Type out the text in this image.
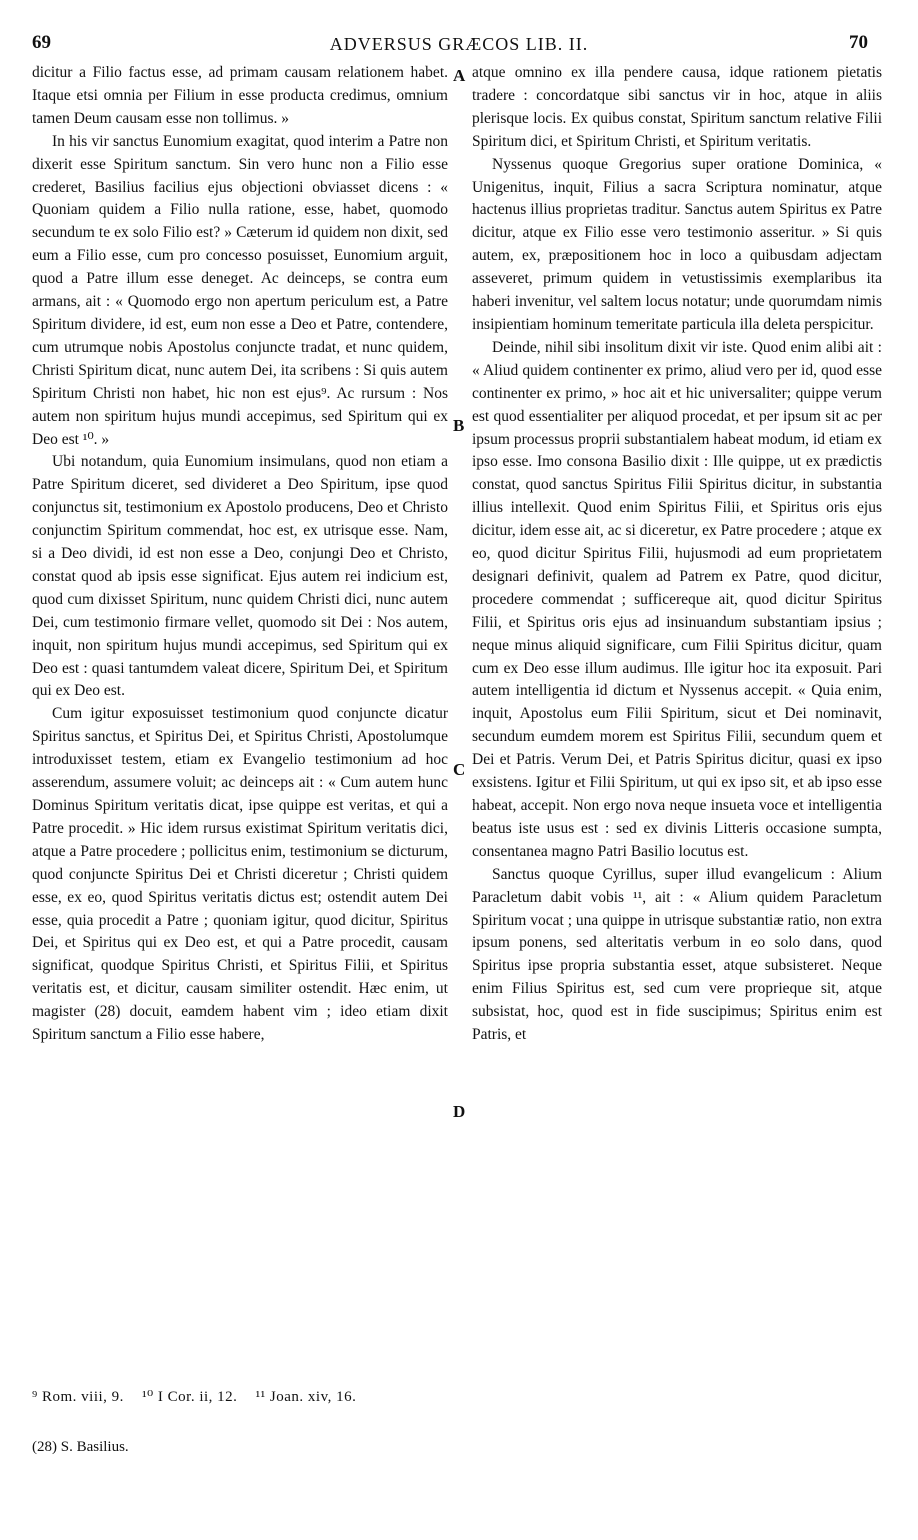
69	ADVERSUS GRÆCOS LIB. II.	70

dicitur a Filio factus esse, ad primam causam relationem habet. Itaque etsi omnia per Filium in esse producta credimus, omnium tamen Deum causam esse non tollimus. »

In his vir sanctus Eunomium exagitat, quod interim a Patre non dixerit esse Spiritum sanctum. Sin vero hunc non a Filio esse crederet, Basilius facilius ejus objectioni obviasset dicens : « Quoniam quidem a Filio nulla ratione, esse, habet, quomodo secundum te ex solo Filio est? » Cæterum id quidem non dixit, sed eum a Filio esse, cum pro concesso posuisset, Eunomium arguit, quod a Patre illum esse deneget. Ac deinceps, se contra eum armans, ait : « Quomodo ergo non apertum periculum est, a Patre Spiritum dividere, id est, eum non esse a Deo et Patre, contendere, cum utrumque nobis Apostolus conjuncte tradat, et nunc quidem, Christi Spiritum dicat, nunc autem Dei, ita scribens : Si quis autem Spiritum Christi non habet, hic non est ejus⁹. Ac rursum : Nos autem non spiritum hujus mundi accepimus, sed Spiritum qui ex Deo est ¹⁰. »

Ubi notandum, quia Eunomium insimulans, quod non etiam a Patre Spiritum diceret, sed divideret a Deo Spiritum, ipse quod conjunctus sit, testimonium ex Apostolo producens, Deo et Christo conjunctim Spiritum commendat, hoc est, ex utrisque esse. Nam, si a Deo dividi, id est non esse a Deo, conjungi Deo et Christo, constat quod ab ipsis esse significat. Ejus autem rei indicium est, quod cum dixisset Spiritum, nunc quidem Christi dici, nunc autem Dei, cum testimonio firmare vellet, quomodo sit Dei : Nos autem, inquit, non spiritum hujus mundi accepimus, sed Spiritum qui ex Deo est : quasi tantumdem valeat dicere, Spiritum Dei, et Spiritum qui ex Deo est.

Cum igitur exposuisset testimonium quod conjuncte dicatur Spiritus sanctus, et Spiritus Dei, et Spiritus Christi, Apostolumque introduxisset testem, etiam ex Evangelio testimonium ad hoc asserendum, assumere voluit; ac deinceps ait : « Cum autem hunc Dominus Spiritum veritatis dicat, ipse quippe est veritas, et qui a Patre procedit. » Hic idem rursus existimat Spiritum veritatis dici, atque a Patre procedere ; pollicitus enim, testimonium se dicturum, quod conjuncte Spiritus Dei et Christi diceretur ; Christi quidem esse, ex eo, quod Spiritus veritatis dictus est; ostendit autem Dei esse, quia procedit a Patre ; quoniam igitur, quod dicitur, Spiritus Dei, et Spiritus qui ex Deo est, et qui a Patre procedit, causam significat, quodque Spiritus Christi, et Spiritus Filii, et Spiritus veritatis est, et dicitur, causam similiter ostendit. Hæc enim, ut magister (28) docuit, eamdem habent vim ; ideo etiam dixit Spiritum sanctum a Filio esse habere,

A
B
C
D

atque omnino ex illa pendere causa, idque rationem pietatis tradere : concordatque sibi sanctus vir in hoc, atque in aliis plerisque locis. Ex quibus constat, Spiritum sanctum relative Filii Spiritum dici, et Spiritum Christi, et Spiritum veritatis.

Nyssenus quoque Gregorius super oratione Dominica, « Unigenitus, inquit, Filius a sacra Scriptura nominatur, atque hactenus illius proprietas traditur. Sanctus autem Spiritus ex Patre dicitur, atque ex Filio esse vero testimonio asseritur. » Si quis autem, ex, præpositionem hoc in loco a quibusdam adjectam asseveret, primum quidem in vetustissimis exemplaribus ita haberi invenitur, vel saltem locus notatur; unde quorumdam nimis insipientiam hominum temeritate particula illa deleta perspicitur.

Deinde, nihil sibi insolitum dixit vir iste. Quod enim alibi ait : « Aliud quidem continenter ex primo, aliud vero per id, quod esse continenter ex primo, » hoc ait et hic universaliter; quippe verum est quod essentialiter per aliquod procedat, et per ipsum sit ac per ipsum processus proprii substantialem habeat modum, id etiam ex ipso esse. Imo consona Basilio dixit : Ille quippe, ut ex prædictis constat, quod sanctus Spiritus Filii Spiritus dicitur, in substantia illius intellexit. Quod enim Spiritus Filii, et Spiritus oris ejus dicitur, idem esse ait, ac si diceretur, ex Patre procedere ; atque ex eo, quod dicitur Spiritus Filii, hujusmodi ad eum proprietatem designari definivit, qualem ad Patrem ex Patre, quod dicitur, procedere commendat ; sufficereque ait, quod dicitur Spiritus Filii, et Spiritus oris ejus ad insinuandum substantiam ipsius ; neque minus aliquid significare, cum Filii Spiritus dicitur, quam cum ex Deo esse illum audimus. Ille igitur hoc ita exposuit. Pari autem intelligentia id dictum et Nyssenus accepit. « Quia enim, inquit, Apostolus eum Filii Spiritum, sicut et Dei nominavit, secundum eumdem morem est Spiritus Filii, secundum quem et Dei et Patris. Verum Dei, et Patris Spiritus dicitur, quasi ex ipso exsistens. Igitur et Filii Spiritum, ut qui ex ipso sit, et ab ipso esse habeat, accepit. Non ergo nova neque insueta voce et intelligentia beatus iste usus est : sed ex divinis Litteris occasione sumpta, consentanea magno Patri Basilio locutus est.

Sanctus quoque Cyrillus, super illud evangelicum : Alium Paracletum dabit vobis ¹¹, ait : « Alium quidem Paracletum Spiritum vocat ; una quippe in utrisque substantiæ ratio, non extra ipsum ponens, sed alteritatis verbum in eo solo dans, quod Spiritus ipse propria substantia esset, atque subsisteret. Neque enim Filius Spiritus est, sed cum vere proprieque sit, atque subsistat, hoc, quod est in fide suscipimus; Spiritus enim est Patris, et

⁹ Rom. viii, 9. ¹⁰ I Cor. ii, 12. ¹¹ Joan. xiv, 16.
(28) S. Basilius.
